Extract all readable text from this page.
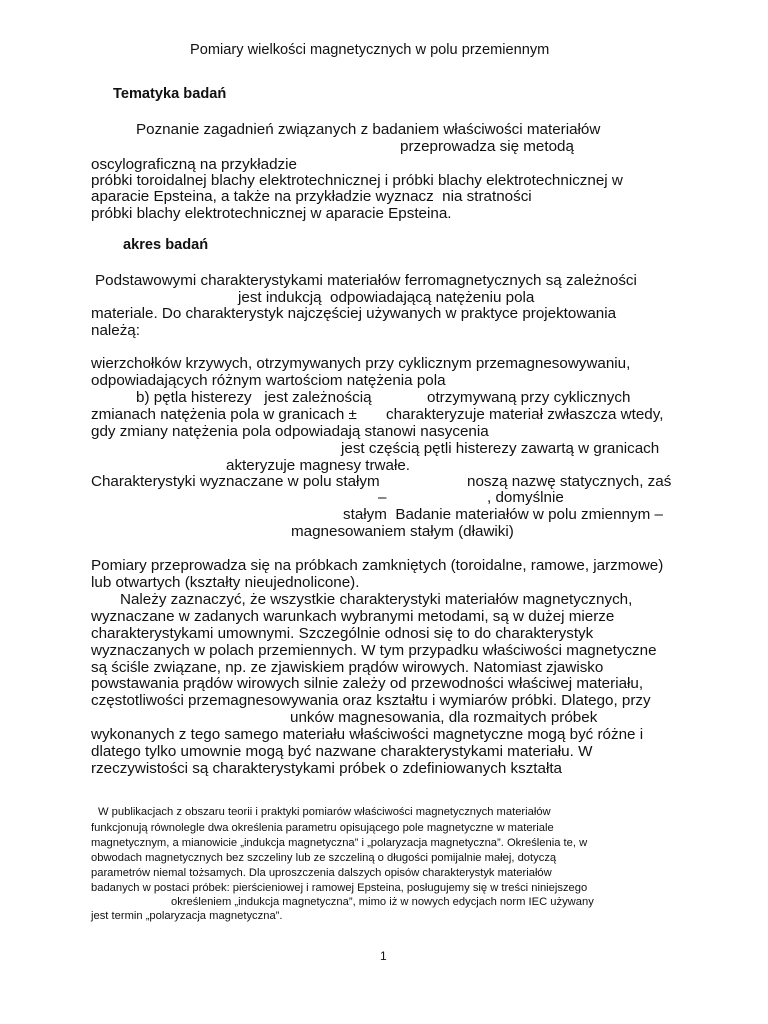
Pomiary wielkości magnetycznych w polu przemiennym
Tematyka badań
Poznanie zagadnień związanych z badaniem właściwości materiałów
przeprowadza się metodą
oscylograficzną na przykładzie
próbki toroidalnej blachy elektrotechnicznej i próbki blachy elektrotechnicznej w
aparacie Epsteina, a także na przykładzie wyznacz  nia stratności
próbki blachy elektrotechnicznej w aparacie Epsteina.
akres badań
Podstawowymi charakterystykami materiałów ferromagnetycznych są zależności
jest indukcją  odpowiadającą natężeniu pola
materiale. Do charakterystyk najczęściej używanych w praktyce projektowania
należą:
wierzchołków krzywych, otrzymywanych przy cyklicznym przemagnesowywaniu,
odpowiadających różnym wartościom natężenia pola
b) pętla histerezy   jest zależnością	otrzymywaną przy cyklicznych
zmianach natężenia pola w granicach ± charakteryzuje materiał zwłaszcza wtedy,
gdy zmiany natężenia pola odpowiadają stanowi nasycenia
jest częścią pętli histerezy zawartą w granicach
akteryzuje magnesy trwałe.
Charakterystyki wyznaczane w polu stałym	noszą nazwę statycznych, zaś
–	, domyślnie
stałym  Badanie materiałów w polu zmiennym –
magnesowaniem stałym (dławiki)
Pomiary przeprowadza się na próbkach zamkniętych (toroidalne, ramowe, jarzmowe)
lub otwartych (kształty nieujednolicone).
Należy zaznaczyć, że wszystkie charakterystyki materiałów magnetycznych,
wyznaczane w zadanych warunkach wybranymi metodami, są w dużej mierze
charakterystykami umownymi. Szczególnie odnosi się to do charakterystyk
wyznaczanych w polach przemiennych. W tym przypadku właściwości magnetyczne
są ściśle związane, np. ze zjawiskiem prądów wirowych. Natomiast zjawisko
powstawania prądów wirowych silnie zależy od przewodności właściwej materiału,
częstotliwości przemagnesowywania oraz kształtu i wymiarów próbki. Dlatego, przy
unków magnesowania, dla rozmaitych próbek
wykonanych z tego samego materiału właściwości magnetyczne mogą być różne i
dlatego tylko umownie mogą być nazwane charakterystykami materiału. W
rzeczywistości są charakterystykami próbek o zdefiniowanych kształta
W publikacjach z obszaru teorii i praktyki pomiarów właściwości magnetycznych materiałów
funkcjonują równolegle dwa określenia parametru opisującego pole magnetyczne w materiale
magnetycznym, a mianowicie „indukcja magnetyczna” i „polaryzacja magnetyczna”. Określenia te, w
obwodach magnetycznych bez szczeliny lub ze szczeliną o długości pomijalnie małej, dotyczą
parametrów niemal tożsamych. Dla uproszczenia dalszych opisów charakterystyk materiałów
badanych w postaci próbek: pierścieniowej i ramowej Epsteina, posługujemy się w treści niniejszego
określeniem „indukcja magnetyczna”, mimo iż w nowych edycjach norm IEC używany
jest termin „polaryzacja magnetyczna”.
1
